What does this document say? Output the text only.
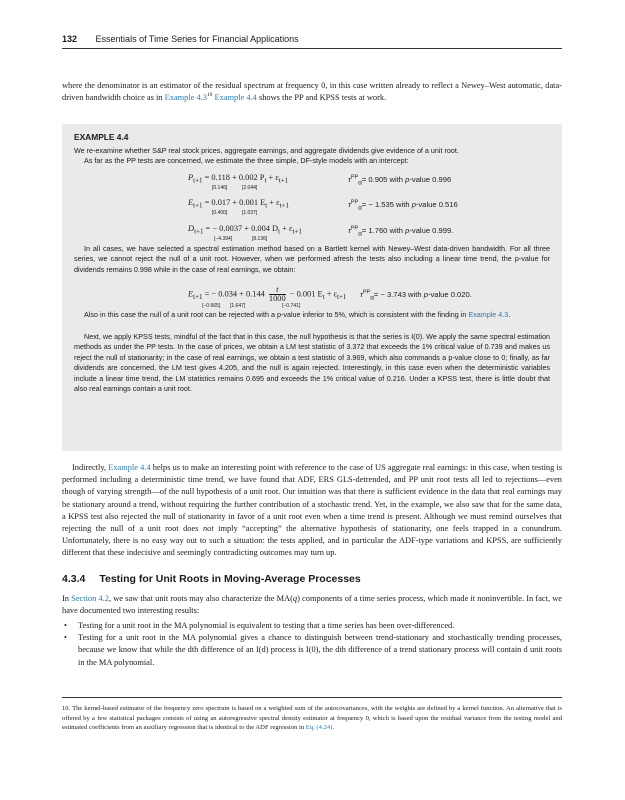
132 Essentials of Time Series for Financial Applications

where the denominator is an estimator of the residual spectrum at frequency 0, in this case written already to reflect a Newey–West automatic, data-driven bandwidth choice as in Example $4.3^{10}$ Example 4.4 shows the PP and KPSS tests at work.

EXAMPLE 4.4

We re-examine whether S&P real stock prices, aggregate earnings, and aggregate dividends give evidence of a unit root.

As far as the PP tests are concerned, we estimate the three simple, DF-style models with an intercept:

$P_{t+1} = 0.118 + 0.002$ $P_t + \varepsilon_{t+1}$
[0.146]	[2.044]
$\tau^{PP}_\alpha= 0.905$ with p-value 0.996
$E_{t+1} = 0.017 + 0.001$ $E_t + \varepsilon_{t+1}$
[0.400]	[1.037]
$\tau^{PP}_\alpha= - 1.535$ with p-value 0.516
$D_{t+1}$ = − 0.0037 + 0.004 $D_t + \varepsilon_{t+1}$
[−4.394]	[8.136]
$\tau^{PP}_\alpha= 1.760$ with p-value 0.999.

In all cases, we have selected a spectral estimation method based on a Bartlett kernel with Newey–West data-driven bandwidth. For all three series, we cannot reject the null of a unit root. However, when we performed afresh the tests also including a linear time trend, the p-value for dividends remains 0.998 while in the case of real earnings, we obtain:

$E_{t+1}$ = − $0.034 + 0.144 \frac{t}{1000} - 0.001$ $E_t + \varepsilon_{t+1}$
[−0.665] [1.647]	[−0.741]
$\tau^{PP}_\alpha= - 3.743$ with p-value 0.020.

Also in this case the null of a unit root can be rejected with a p-value inferior to 5%, which is consistent with the finding in Example 4.3.

Next, we apply KPSS tests, mindful of the fact that in this case, the null hypothesis is that the series is I(0). We apply the same spectral estimation methods as under the PP tests. In the case of prices, we obtain a LM test statistic of 3.372 that exceeds the 1% critical value of 0.739 and makes us reject the null of stationarity; in the case of real earnings, we obtain a test statistic of 3.969, which also commands a p-value close to 0; finally, as far dividends are concerned, the LM test gives 4.205, and the null is again rejected. Interestingly, in this case even when the deterministic variables include a linear time trend, the LM statistics remains 0.695 and exceeds the 1% critical value of 0.216. Under a KPSS test, there is little doubt that also real earnings contain a unit root.

Indirectly, Example 4.4 helps us to make an interesting point with reference to the case of US aggregate real earnings: in this case, when testing is performed including a deterministic time trend, we have found that ADF, ERS GLS-detrended, and PP unit root tests all led to rejections—even though of varying strength—of the null hypothesis of a unit root. Our intuition was that there is sufficient evidence in the data that real earnings may be stationary around a trend, without requiring the further contribution of a stochastic trend. Yet, in the example, we also saw that for the same data, a KPSS test also rejected the null of stationarity in favor of a unit root even when a time trend is present. Although we must remind ourselves that rejecting the null of a unit root does not imply “accepting” the alternative hypothesis of stationarity, one feels trapped in a conundrum. Unfortunately, there is no easy way out to such a situation: the tests applied, and in particular the ADF-type variations and KPSS, are sufficiently different that these indecisive and seemingly contradicting outcomes may turn up.

4.3.4 Testing for Unit Roots in Moving-Average Processes

In Section 4.2, we saw that unit roots may also characterize the MA(q) components of a time series process, which made it noninvertible. In fact, we have documented two interesting results:

• Testing for a unit root in the MA polynomial is equivalent to testing that a time series has been over-differenced.
• Testing for a unit root in the MA polynomial gives a chance to distinguish between trend-stationary and stochastically trending processes, because we know that while the dth difference of an I(d) process is I(0), the dth difference of a trend stationary process will contain d unit roots in the MA polynomial.

10. The kernel-based estimator of the frequency zero spectrum is based on a weighted sum of the autocovariances, with the weights are defined by a kernel function. An alternative that is offered by a few statistical packages consists of using an autoregressive spectral density estimator at frequency 0, which is based upon the residual variance from the testing model and estimated coefficients from an auxiliary regression that is identical to the ADF regression in Eq. (4.24).
